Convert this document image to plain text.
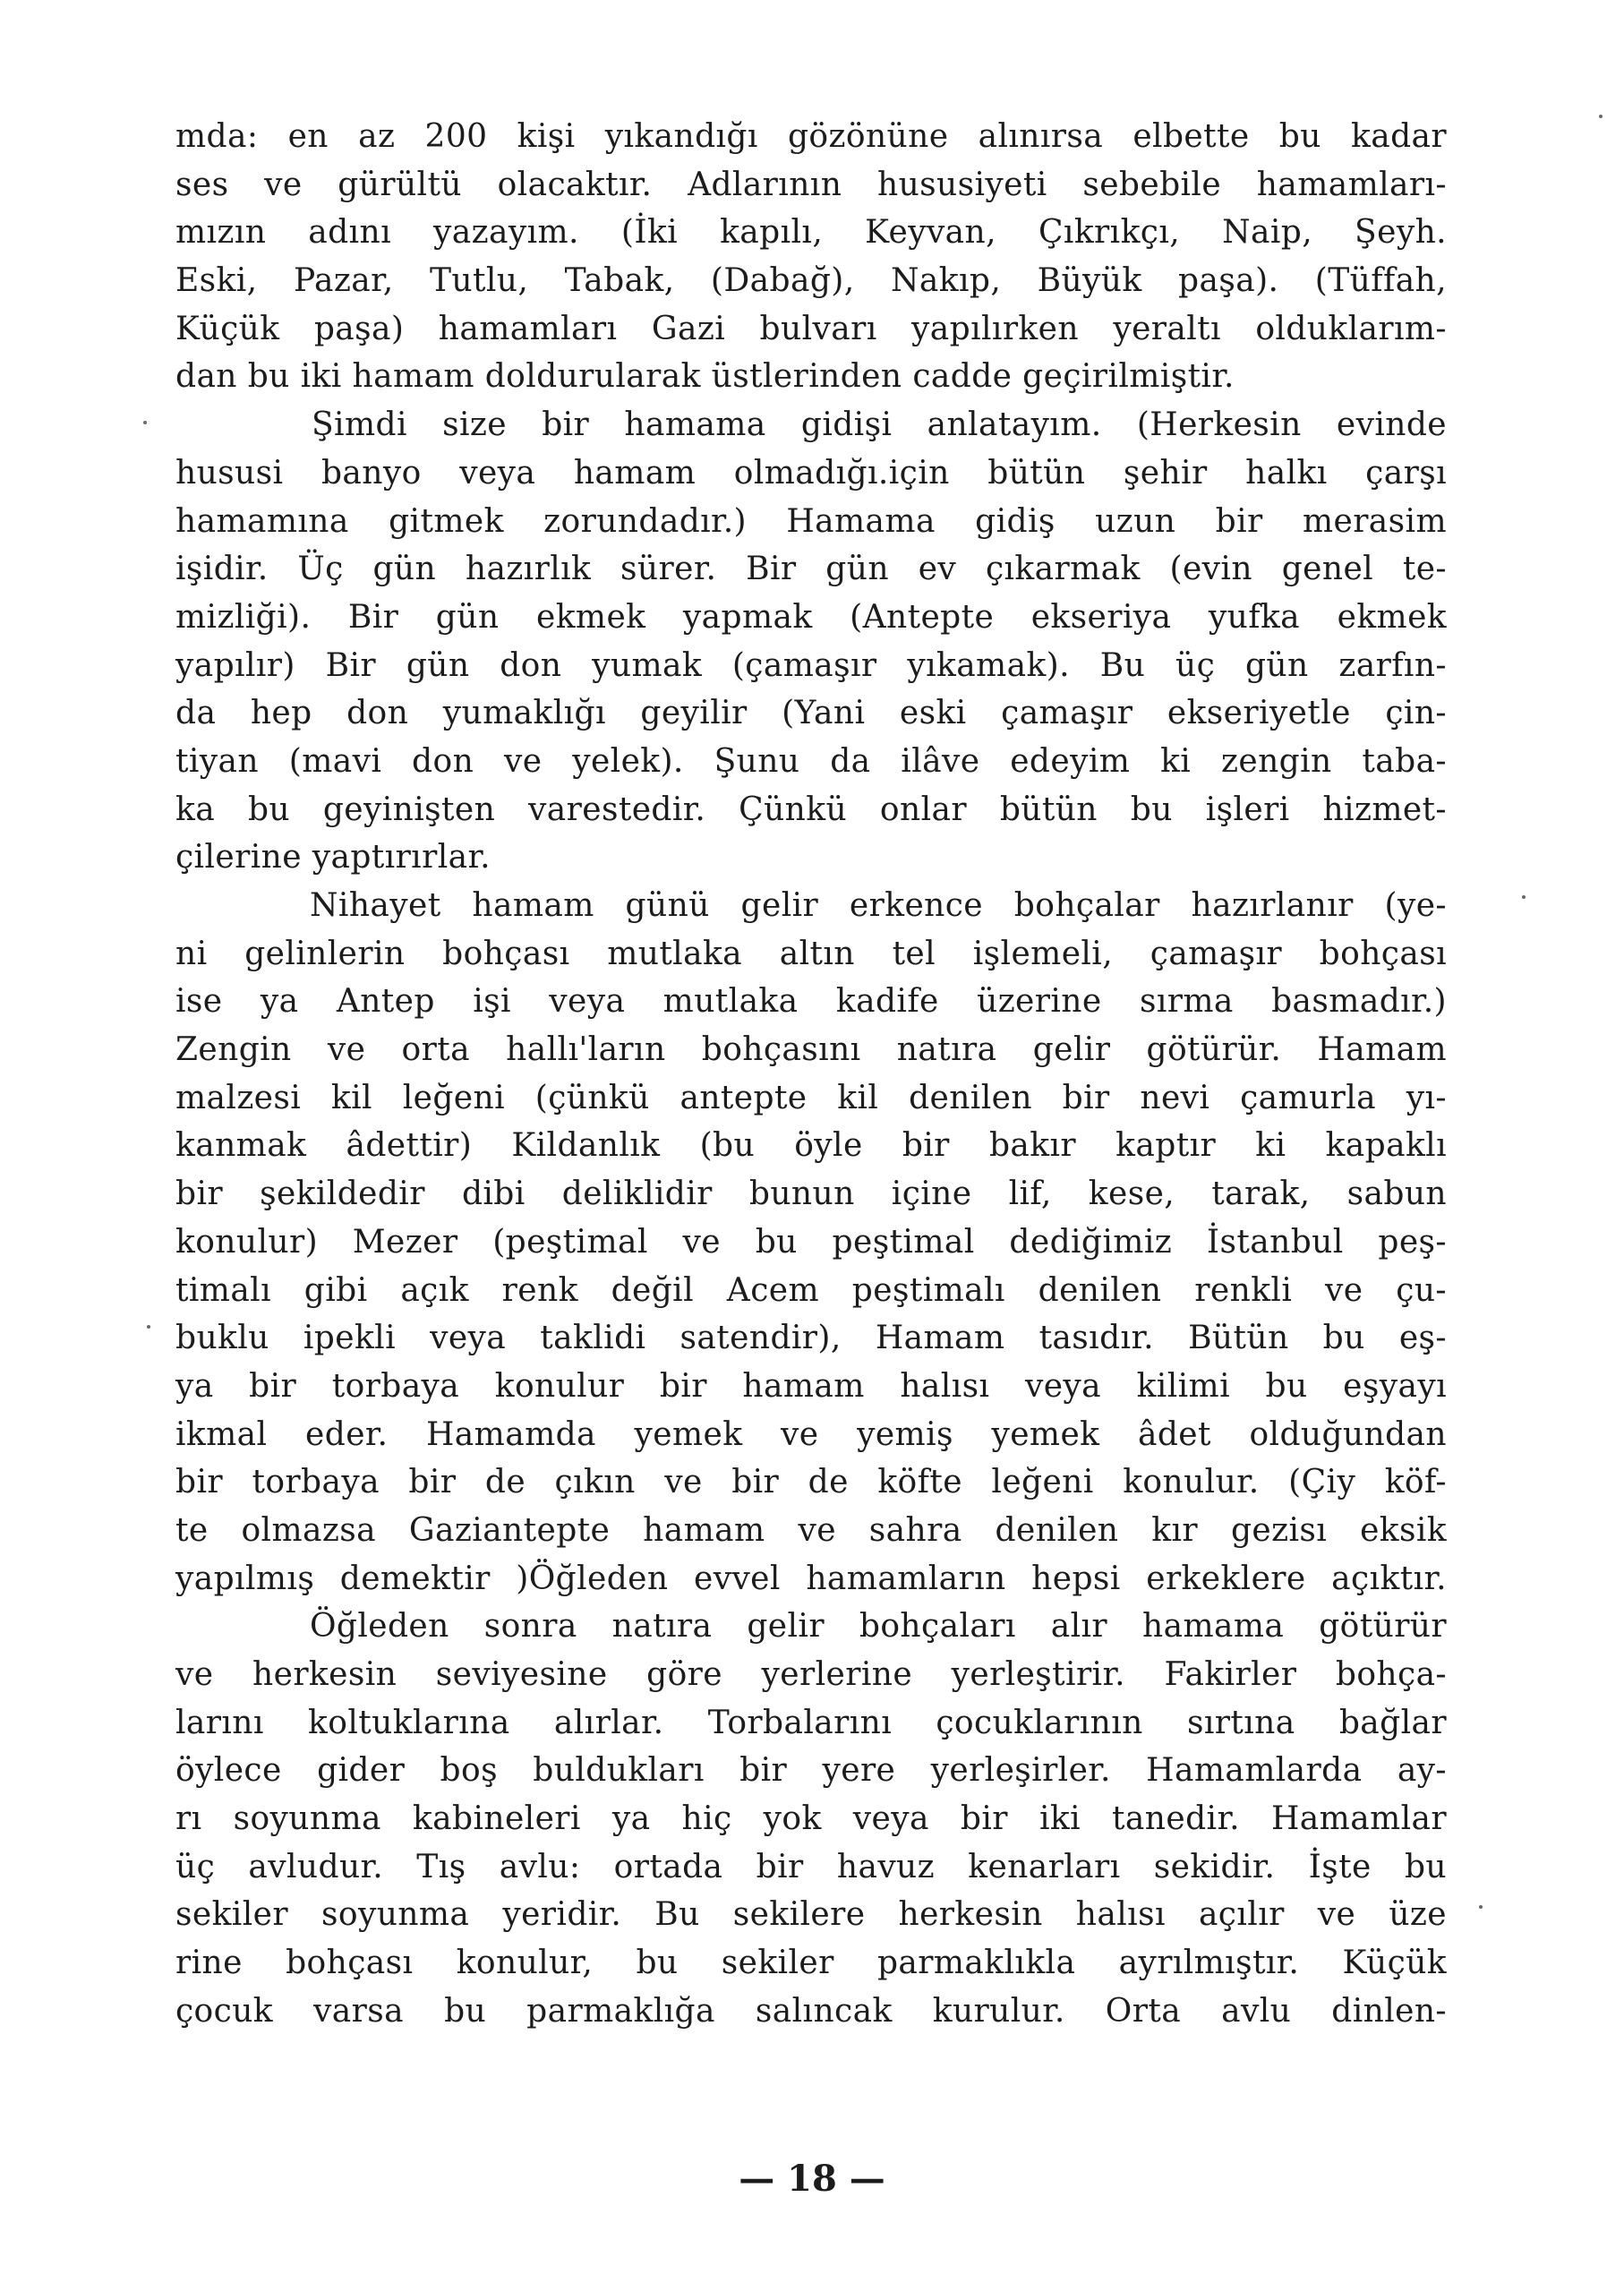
mda: en az 200 kişi yıkandığı gözönüne alınırsa elbette bu kadar
ses ve gürültü olacaktır. Adlarının hususiyeti sebebile hamamları-
mızın adını yazayım. (İki kapılı, Keyvan, Çıkrıkçı, Naip, Şeyh.
Eski, Pazar, Tutlu, Tabak, (Dabağ), Nakıp, Büyük paşa). (Tüffah,
Küçük paşa) hamamları Gazi bulvarı yapılırken yeraltı olduklarım-
dan bu iki hamam doldurularak üstlerinden cadde geçirilmiştir.
Şimdi size bir hamama gidişi anlatayım. (Herkesin evinde
hususi banyo veya hamam olmadığı.için bütün şehir halkı çarşı
hamamına gitmek zorundadır.) Hamama gidiş uzun bir merasim
işidir. Üç gün hazırlık sürer. Bir gün ev çıkarmak (evin genel te-
mizliği). Bir gün ekmek yapmak (Antepte ekseriya yufka ekmek
yapılır) Bir gün don yumak (çamaşır yıkamak). Bu üç gün zarfın-
da hep don yumaklığı geyilir (Yani eski çamaşır ekseriyetle çin-
tiyan (mavi don ve yelek). Şunu da ilâve edeyim ki zengin taba-
ka bu geyinişten varestedir. Çünkü onlar bütün bu işleri hizmet-
çilerine yaptırırlar.
Nihayet hamam günü gelir erkence bohçalar hazırlanır (ye-
ni gelinlerin bohçası mutlaka altın tel işlemeli, çamaşır bohçası
ise ya Antep işi veya mutlaka kadife üzerine sırma basmadır.)
Zengin ve orta hallı'ların bohçasını natıra gelir götürür. Hamam
malzesi kil leğeni (çünkü antepte kil denilen bir nevi çamurla yı-
kanmak âdettir) Kildanlık (bu öyle bir bakır kaptır ki kapaklı
bir şekildedir dibi deliklidir bunun içine lif, kese, tarak, sabun
konulur) Mezer (peştimal ve bu peştimal dediğimiz İstanbul peş-
timalı gibi açık renk değil Acem peştimalı denilen renkli ve çu-
buklu ipekli veya taklidi satendir), Hamam tasıdır. Bütün bu eş-
ya bir torbaya konulur bir hamam halısı veya kilimi bu eşyayı
ikmal eder. Hamamda yemek ve yemiş yemek âdet olduğundan
bir torbaya bir de çıkın ve bir de köfte leğeni konulur. (Çiy köf-
te olmazsa Gaziantepte hamam ve sahra denilen kır gezisı eksik
yapılmış demektir )Öğleden evvel hamamların hepsi erkeklere açıktır.
Öğleden sonra natıra gelir bohçaları alır hamama götürür
ve herkesin seviyesine göre yerlerine yerleştirir. Fakirler bohça-
larını koltuklarına alırlar. Torbalarını çocuklarının sırtına bağlar
öylece gider boş buldukları bir yere yerleşirler. Hamamlarda ay-
rı soyunma kabineleri ya hiç yok veya bir iki tanedir. Hamamlar
üç avludur. Tış avlu: ortada bir havuz kenarları sekidir. İşte bu
sekiler soyunma yeridir. Bu sekilere herkesin halısı açılır ve üze
rine bohçası konulur, bu sekiler parmaklıkla ayrılmıştır. Küçük
çocuk varsa bu parmaklığa salıncak kurulur. Orta avlu dinlen-
— 18 —
